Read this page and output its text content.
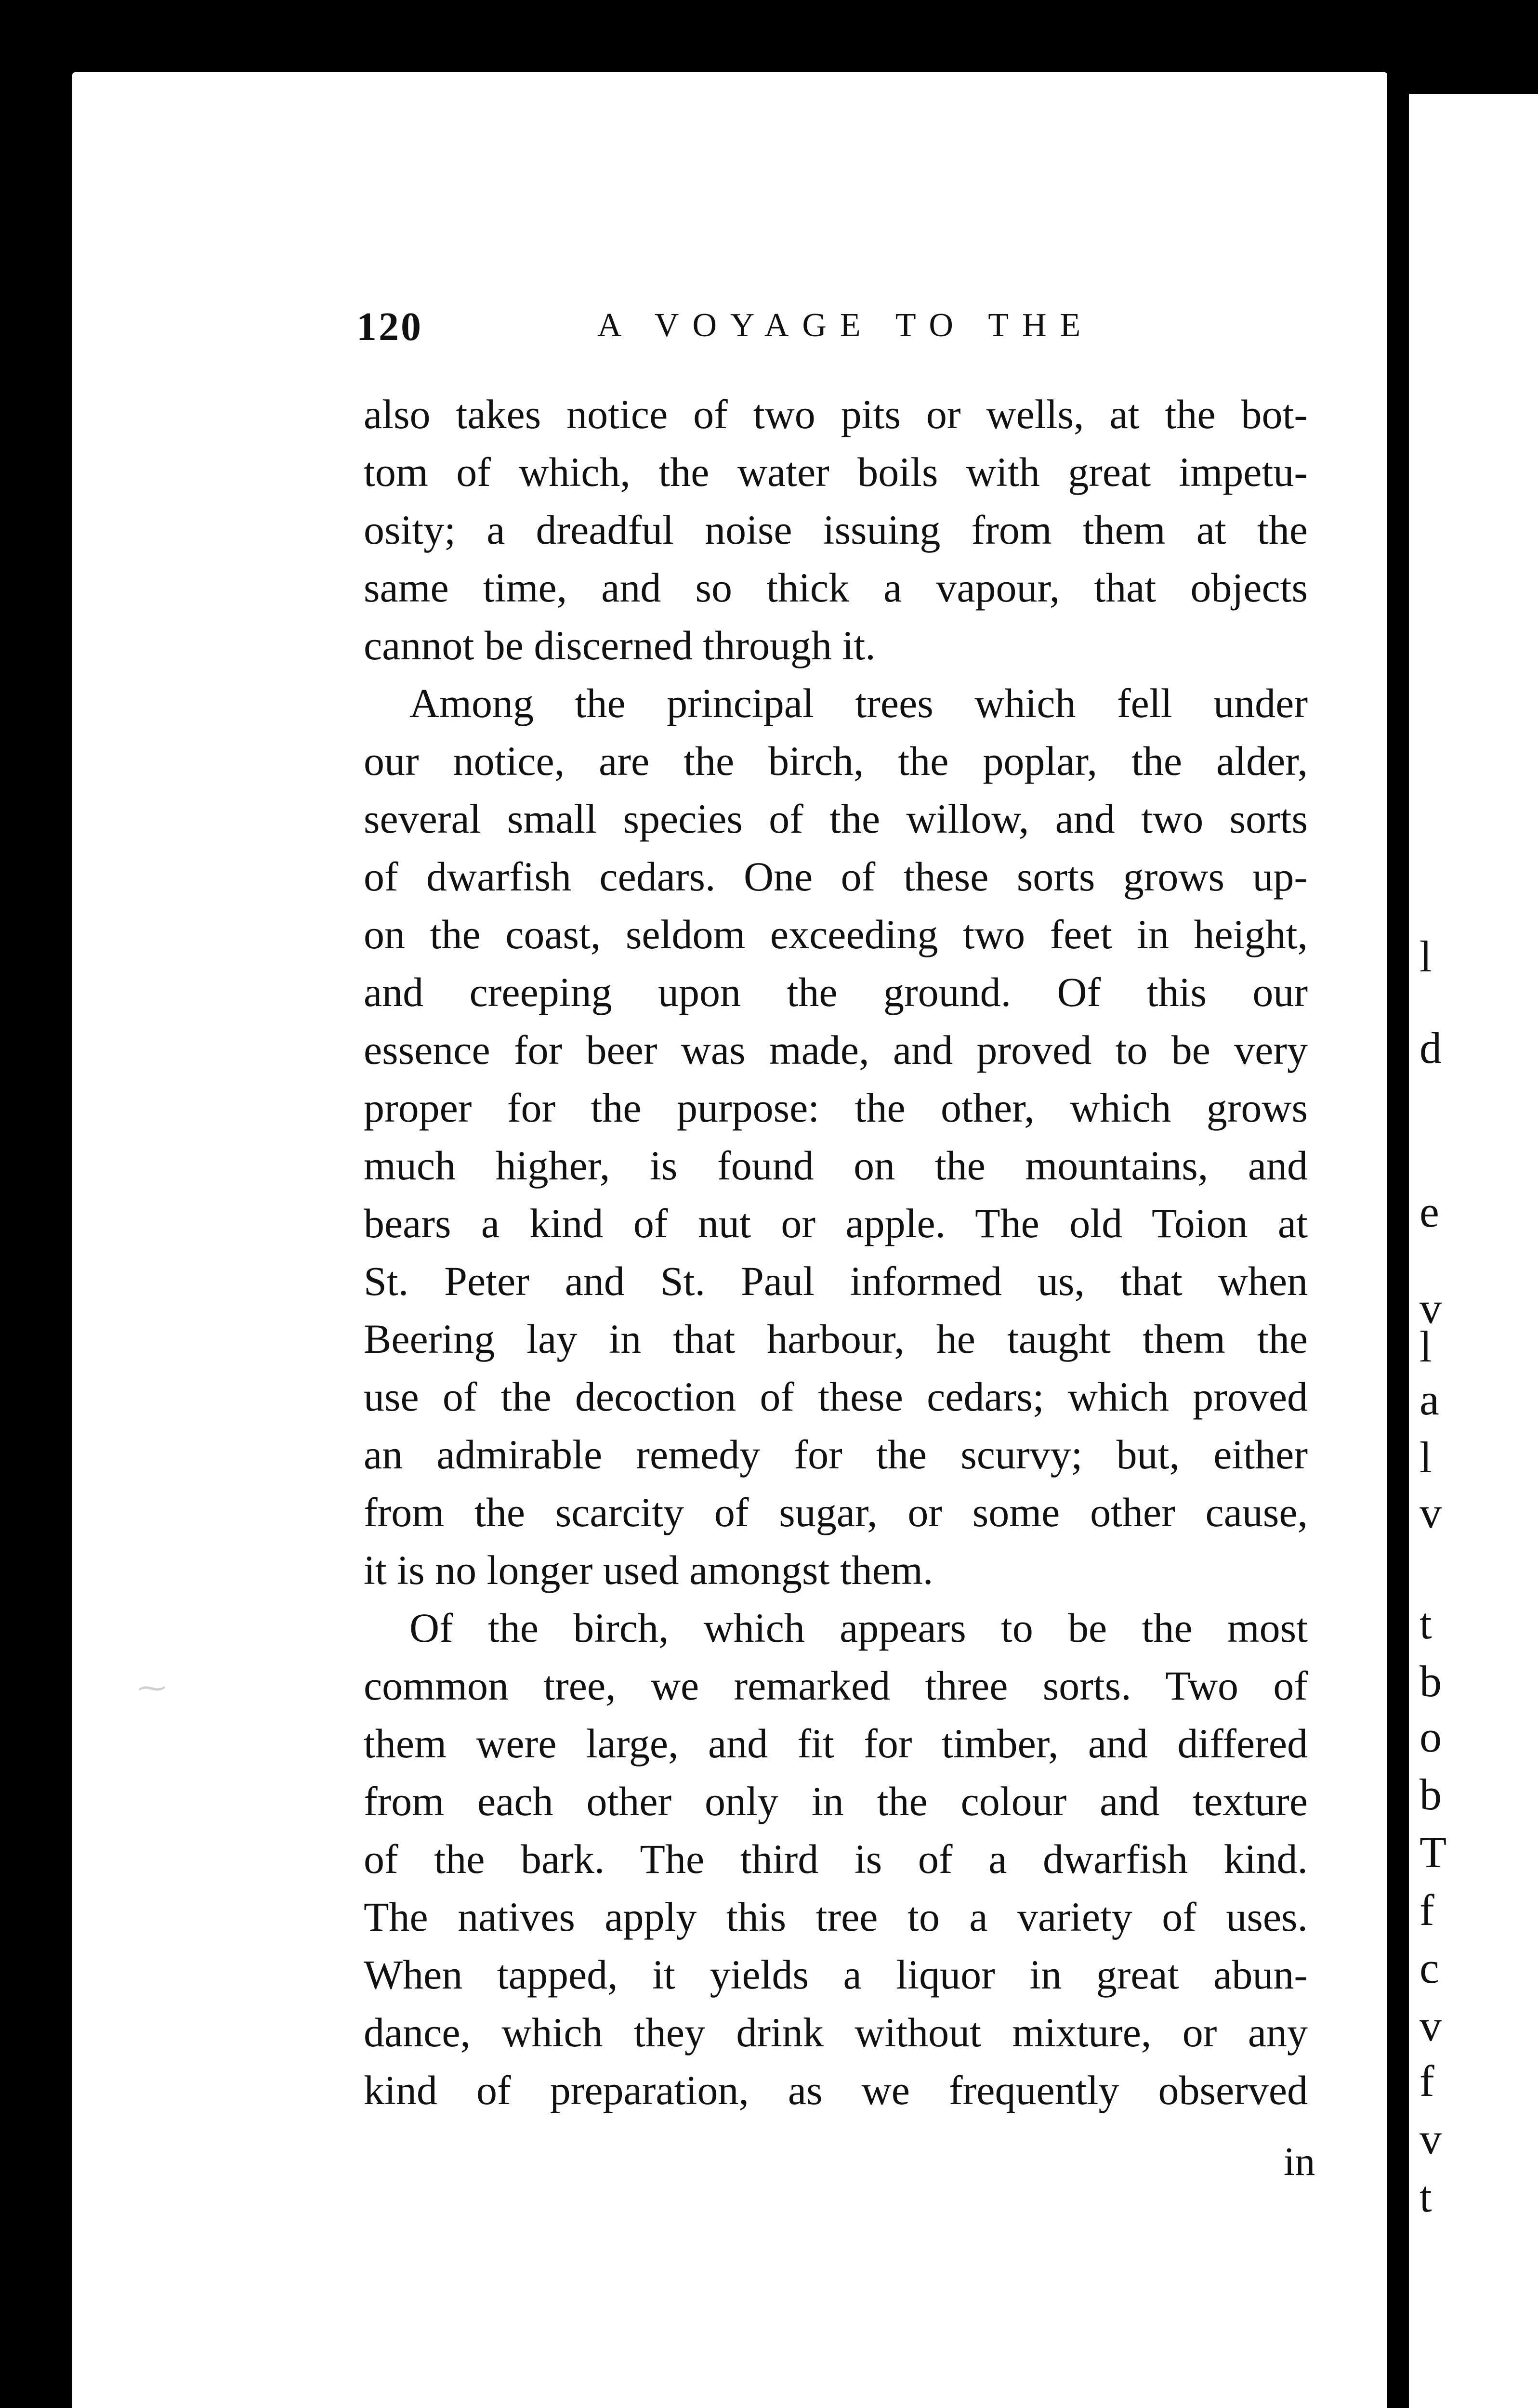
l
d
e
v
l
a
l
v
t
b
o
b
T
f
c
v
f
v
t
⁓
120	A VOYAGE TO THE
also takes notice of two pits or wells, at the bot-
tom of which, the water boils with great impetu-
osity; a dreadful noise issuing from them at the
same time, and so thick a vapour, that objects
cannot be discerned through it.
Among the principal trees which fell under
our notice, are the birch, the poplar, the alder,
several small species of the willow, and two sorts
of dwarfish cedars. One of these sorts grows up-
on the coast, seldom exceeding two feet in height,
and creeping upon the ground. Of this our
essence for beer was made, and proved to be very
proper for the purpose: the other, which grows
much higher, is found on the mountains, and
bears a kind of nut or apple. The old Toion at
St. Peter and St. Paul informed us, that when
Beering lay in that harbour, he taught them the
use of the decoction of these cedars; which proved
an admirable remedy for the scurvy; but, either
from the scarcity of sugar, or some other cause,
it is no longer used amongst them.
Of the birch, which appears to be the most
common tree, we remarked three sorts. Two of
them were large, and fit for timber, and differed
from each other only in the colour and texture
of the bark. The third is of a dwarfish kind.
The natives apply this tree to a variety of uses.
When tapped, it yields a liquor in great abun-
dance, which they drink without mixture, or any
kind of preparation, as we frequently observed
in
